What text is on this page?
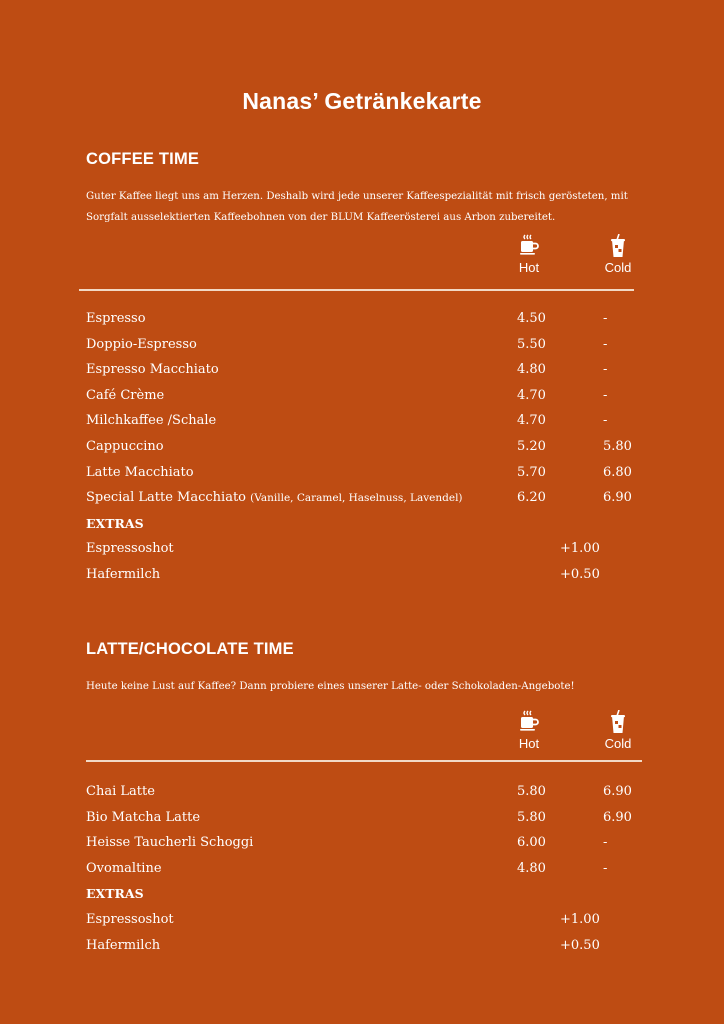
Nanas’ Getränkekarte
COFFEE TIME
Guter Kaffee liegt uns am Herzen. Deshalb wird jede unserer Kaffeespezialität mit frisch gerösteten, mit Sorgfalt ausselektierten Kaffeebohnen von der BLUM Kaffeerösterei aus Arbon zubereitet.
Hot	Cold
Espresso	4.50	-
Doppio-Espresso	5.50	-
Espresso Macchiato	4.80	-
Café Crème	4.70	-
Milchkaffee /Schale	4.70	-
Cappuccino	5.20	5.80
Latte Macchiato	5.70	6.80
Special Latte Macchiato (Vanille, Caramel, Haselnuss, Lavendel)	6.20	6.90
EXTRAS
Espressoshot	+1.00
Hafermilch	+0.50
LATTE/CHOCOLATE TIME
Heute keine Lust auf Kaffee? Dann probiere eines unserer Latte- oder Schokoladen-Angebote!
Hot	Cold
Chai Latte	5.80	6.90
Bio Matcha Latte	5.80	6.90
Heisse Taucherli Schoggi	6.00	-
Ovomaltine	4.80	-
EXTRAS
Espressoshot	+1.00
Hafermilch	+0.50
